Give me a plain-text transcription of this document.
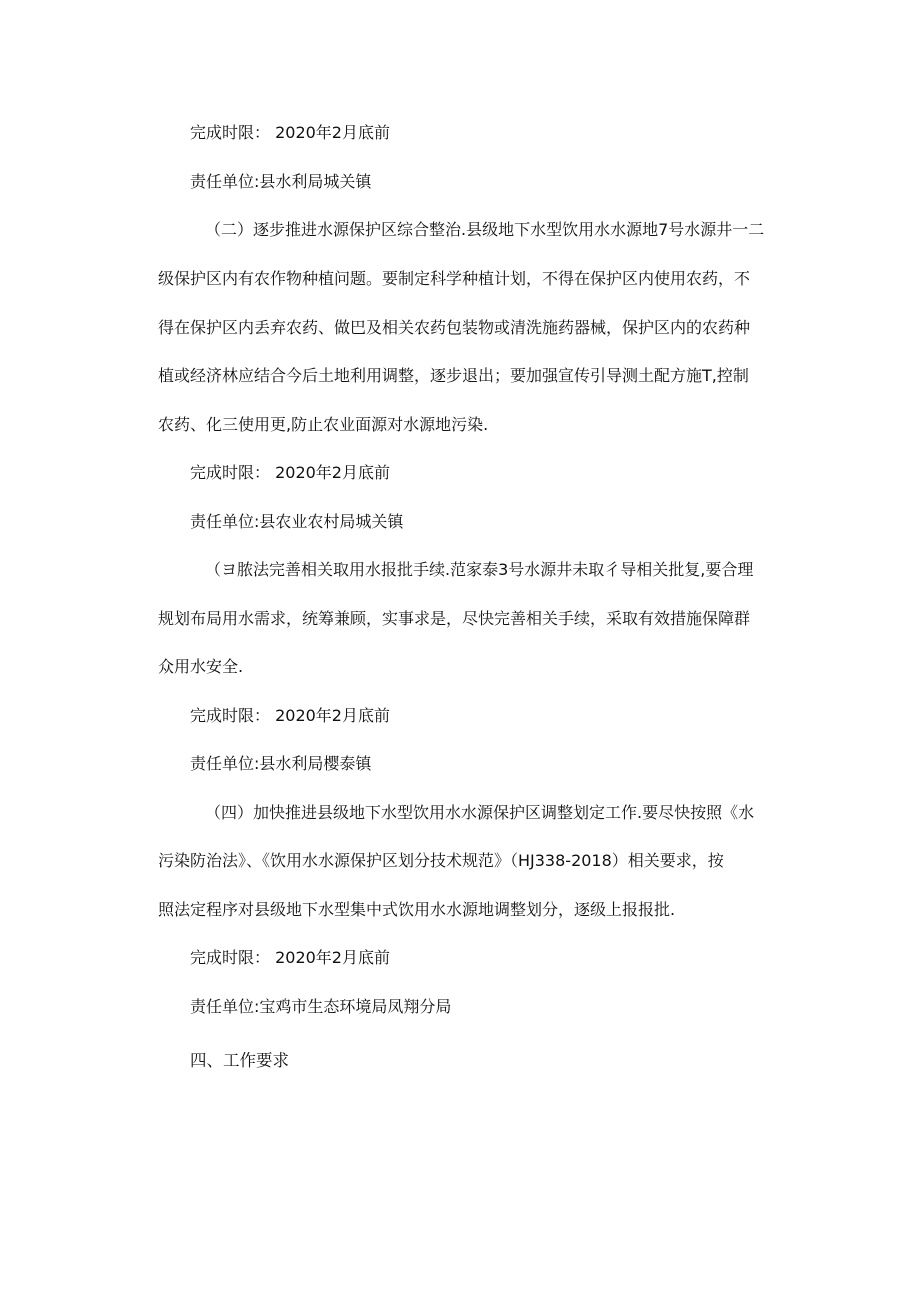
完成时限： 2020年2月底前
责任单位:县水利局城关镇
（二）逐步推进水源保护区综合整治.县级地下水型饮用水水源地7号水源井一二
级保护区内有农作物种植问题。要制定科学种植计划，不得在保护区内使用农药，不
得在保护区内丢弃农药、做巴及相关农药包装物或清洗施药器械，保护区内的农药种
植或经济林应结合今后土地利用调整，逐步退出；要加强宣传引导测土配方施T,控制
农药、化三使用更,防止农业面源对水源地污染.
完成时限： 2020年2月底前
责任单位:县农业农村局城关镇
（ヨ脓法完善相关取用水报批手续.范家泰3号水源井未取彳导相关批复,要合理
规划布局用水需求，统筹兼顾，实事求是，尽快完善相关手续，采取有效措施保障群
众用水安全.
完成时限： 2020年2月底前
责任单位:县水利局樱泰镇
（四）加快推进县级地下水型饮用水水源保护区调整划定工作.要尽快按照《水
污染防治法》、《饮用水水源保护区划分技术规范》（HJ338-2018）相关要求，按
照法定程序对县级地下水型集中式饮用水水源地调整划分，逐级上报报批.
完成时限： 2020年2月底前
责任单位:宝鸡市生态环境局凤翔分局
四、工作要求
